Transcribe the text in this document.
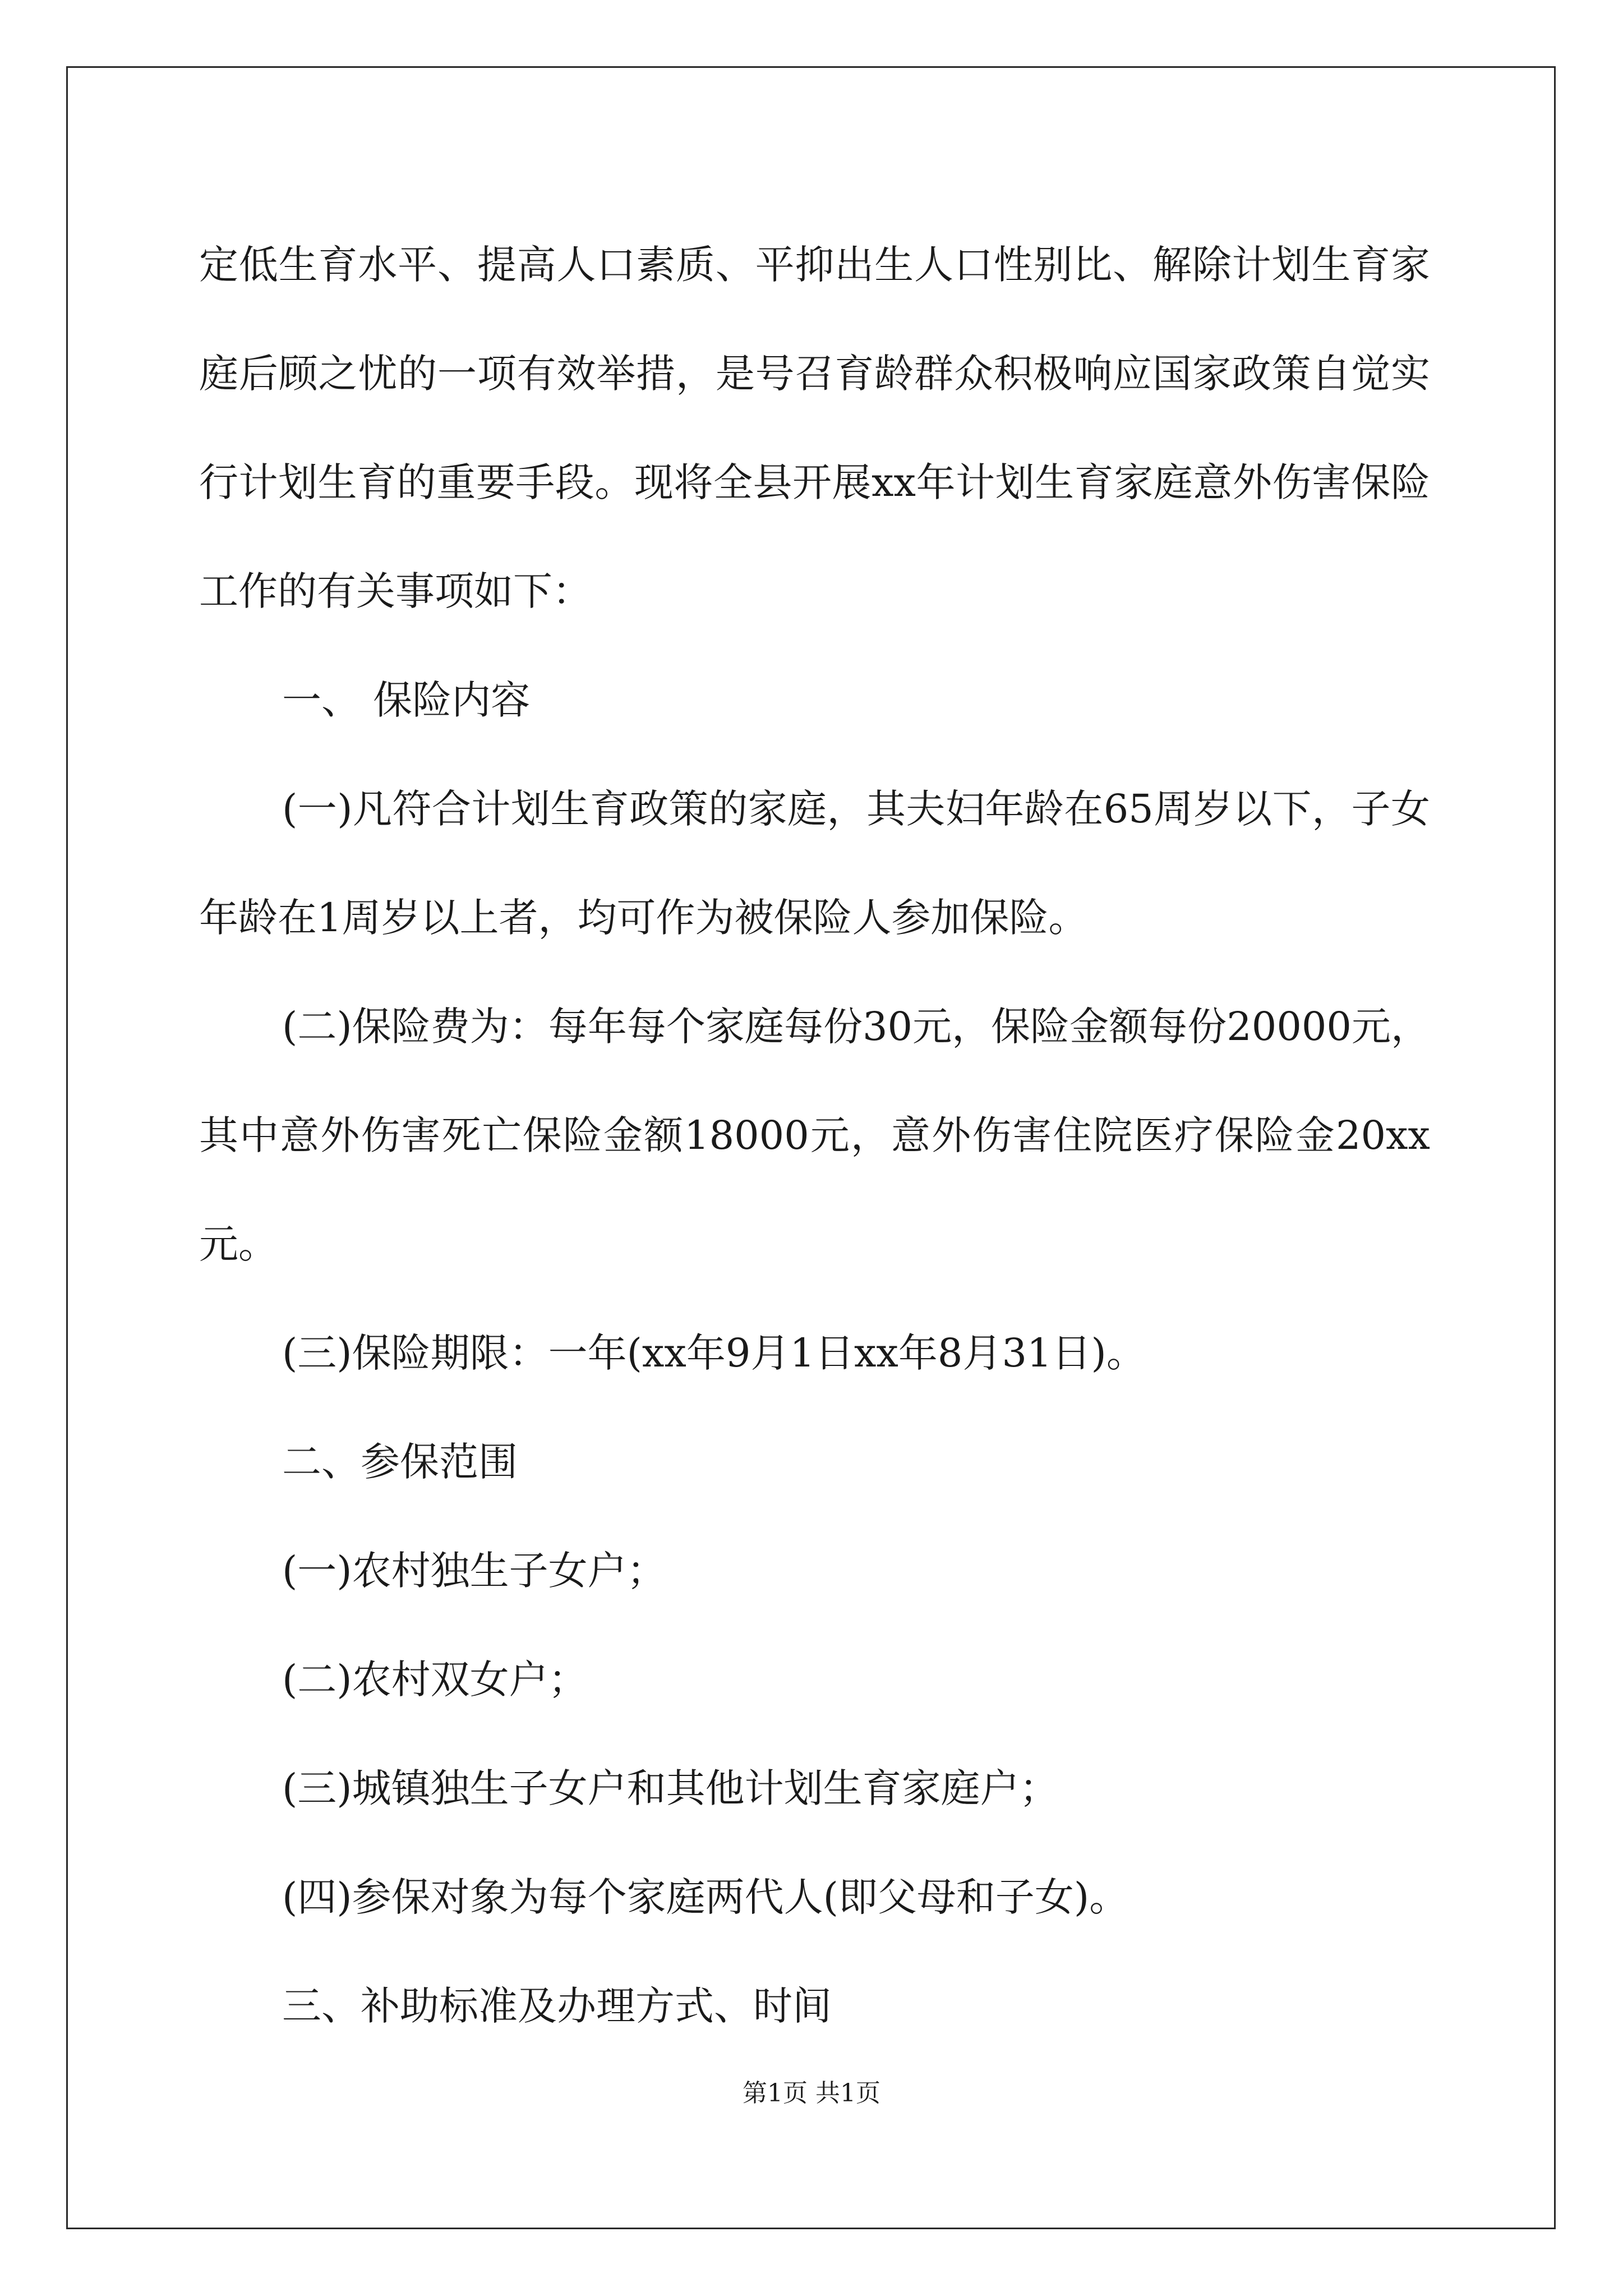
定低生育水平、提高人口素质、平抑出生人口性别比、解除计划生育家庭后顾之忧的一项有效举措，是号召育龄群众积极响应国家政策自觉实行计划生育的重要手段。现将全县开展xx年计划生育家庭意外伤害保险工作的有关事项如下：

一、 保险内容

(一)凡符合计划生育政策的家庭，其夫妇年龄在65周岁以下，子女年龄在1周岁以上者，均可作为被保险人参加保险。

(二)保险费为：每年每个家庭每份30元，保险金额每份20000元，其中意外伤害死亡保险金额18000元，意外伤害住院医疗保险金20xx元。

(三)保险期限：一年(xx年9月1日xx年8月31日)。

二、参保范围

(一)农村独生子女户；

(二)农村双女户；

(三)城镇独生子女户和其他计划生育家庭户；

(四)参保对象为每个家庭两代人(即父母和子女)。

三、补助标准及办理方式、时间

第1页 共1页
